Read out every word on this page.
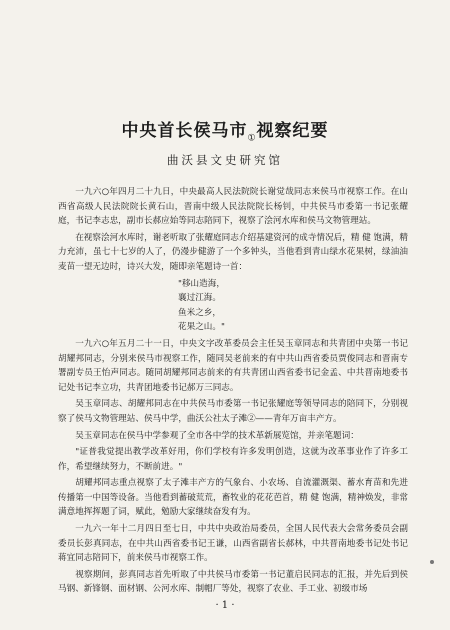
中央首长侯马市$_①$视察纪要
曲沃县文史研究馆

一九六○年四月二十九日，中央最高人民法院院长谢觉哉同志来侯马市视察工作。在山西省高级人民法院院长黄石山，晋南中级人民法院院长杨钊，中共侯马市委第一书记张耀庭，书记李志忠，副市长郝应始等同志陪同下，视察了浍河水库和侯马文物管理站。

在视察浍河水库时，谢老听取了张耀庭同志介绍基建资河的成寺情况后，精 健 饱满，精力充沛，虽七十七岁的人了，仍漫步健游了一个多钟头，当他看到青山绿水花果树，绿油油麦苗一望无边时，诗兴大发，随即亲笔题诗一首：

"移山造海，
襄过江海。
鱼米之乡，
花果之山。"

一九六○年五月二十一日，中央文字改革委员会主任吴玉章同志和共青团中央第一书记胡耀邦同志，分别来侯马市视察工作，随同吴老前来的有中共山西省委员贾俊同志和晋南专署副专员王怡声同志。随同胡耀邦同志前来的有共青团山西省委书记金孟、中共晋南地委书记处书记李立功，共青团地委书记郝万三同志。

吴玉章同志、胡耀邦同志在中共侯马市委第一书记张耀庭等领导同志的陪同下，分别视察了侯马文物管理站、侯马中学，曲沃公社太子滩②——青年万亩丰产方。

吴玉章同志在侯马中学参观了全市各中学的技术革新展览馆，并亲笔题词：

"证普我觉提出教学改革好用，你们学校有许多发明创造，这就为改革事业作了许多工作，希望继续努力，不断前进。"

胡耀邦同志重点视察了太子滩丰产方的气象台、小农场、自流灌溉渠、蓄水育苗和先进传播第一中国等设备。当他看到蓄破荒荒，畜牧业的花花芭首，精 健 饱满，精神焕发，非常满意地挥挥题了词，赋此，勉励大家继续奋发有为。

一九六一年十二月四日至七日，中共中央政治局委员，全国人民代表大会常务委员会副委员长彭真同志，在中共山西省委书记王谦，山西省副省长郝林，中共晋南地委书记处书记蒋宜同志陪同下，前来侯马市视察工作。

视察期间，彭真同志首先听取了中共侯马市委第一书记董启民同志的汇报，并先后到侯马钢、新锋钢、面材钢、公河水库、制帽厂等处，视察了农业、手工业、初级市场

· 1 ·
